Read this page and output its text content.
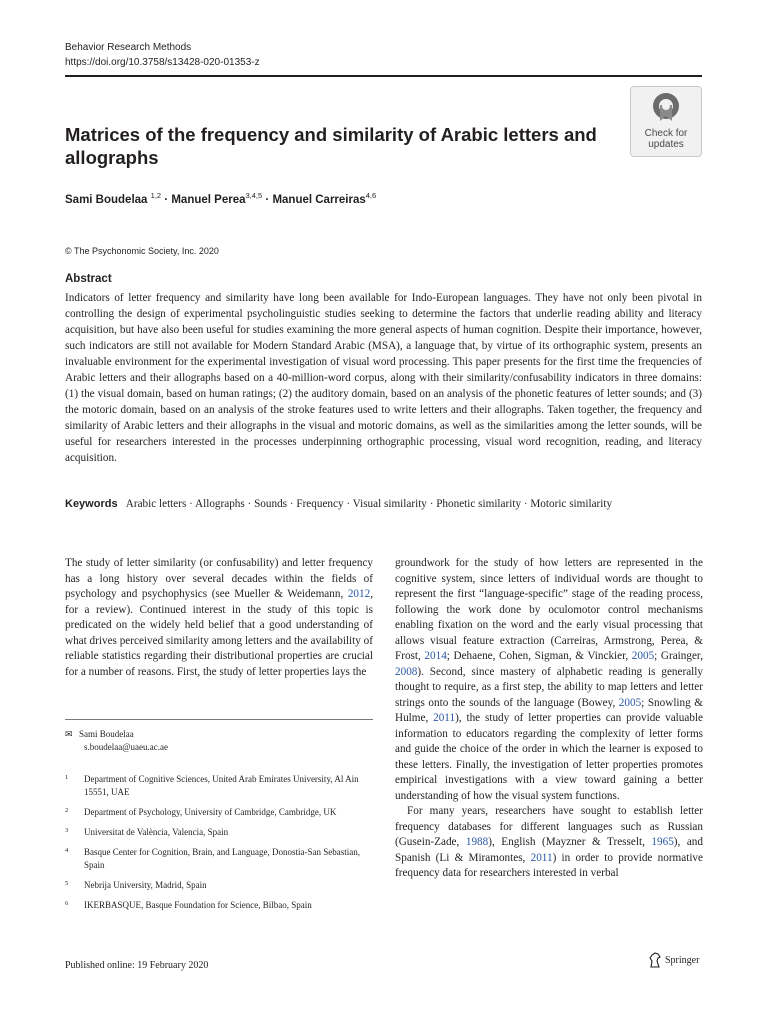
Behavior Research Methods
https://doi.org/10.3758/s13428-020-01353-z
Check for
updates
Matrices of the frequency and similarity of Arabic letters and allographs
Sami Boudelaa $^{1,2}$ · Manuel Perea$^{3,4,5}$ · Manuel Carreiras$^{4,6}$
© The Psychonomic Society, Inc. 2020
Abstract
Indicators of letter frequency and similarity have long been available for Indo-European languages. They have not only been pivotal in controlling the design of experimental psycholinguistic studies seeking to determine the factors that underlie reading ability and literacy acquisition, but have also been useful for studies examining the more general aspects of human cognition. Despite their importance, however, such indicators are still not available for Modern Standard Arabic (MSA), a language that, by virtue of its orthographic system, presents an invaluable environment for the experimental investigation of visual word processing. This paper presents for the first time the frequencies of Arabic letters and their allographs based on a 40-million-word corpus, along with their similarity/confusability indicators in three domains: (1) the visual domain, based on human ratings; (2) the auditory domain, based on an analysis of the phonetic features of letter sounds; and (3) the motoric domain, based on an analysis of the stroke features used to write letters and their allographs. Taken together, the frequency and similarity of Arabic letters and their allographs in the visual and motoric domains, as well as the similarities among the letter sounds, will be useful for researchers interested in the processes underpinning orthographic processing, visual word recognition, reading, and literacy acquisition.
Keywords Arabic letters · Allographs · Sounds · Frequency · Visual similarity · Phonetic similarity · Motoric similarity
The study of letter similarity (or confusability) and letter frequency has a long history over several decades within the fields of psychology and psychophysics (see Mueller & Weidemann, 2012, for a review). Continued interest in the study of this topic is predicated on the widely held belief that a good understanding of what drives perceived similarity among letters and the availability of reliable statistics regarding their distributional properties are crucial for a number of reasons. First, the study of letter properties lays the
✉ Sami Boudelaa
s.boudelaa@uaeu.ac.ae
1 Department of Cognitive Sciences, United Arab Emirates University, Al Ain 15551, UAE
2 Department of Psychology, University of Cambridge, Cambridge, UK
3 Universitat de València, Valencia, Spain
4 Basque Center for Cognition, Brain, and Language, Donostia-San Sebastian, Spain
5 Nebrija University, Madrid, Spain
6 IKERBASQUE, Basque Foundation for Science, Bilbao, Spain

groundwork for the study of how letters are represented in the cognitive system, since letters of individual words are thought to represent the first “language-specific” stage of the reading process, following the work done by oculomotor control mechanisms enabling fixation on the word and the early visual processing that allows visual feature extraction (Carreiras, Armstrong, Perea, & Frost, 2014; Dehaene, Cohen, Sigman, & Vinckier, 2005; Grainger, 2008). Second, since mastery of alphabetic reading is generally thought to require, as a first step, the ability to map letters and letter strings onto the sounds of the language (Bowey, 2005; Snowling & Hulme, 2011), the study of letter properties can provide valuable information to educators regarding the complexity of letter forms and guide the choice of the order in which the learner is exposed to these letters. Finally, the investigation of letter properties promotes empirical investigations with a view toward gaining a better understanding of how the visual system functions.

For many years, researchers have sought to establish letter frequency databases for different languages such as Russian (Gusein-Zade, 1988), English (Mayzner & Tresselt, 1965), and Spanish (Li & Miramontes, 2011) in order to provide normative frequency data for researchers interested in verbal

Published online: 19 February 2020	Springer
